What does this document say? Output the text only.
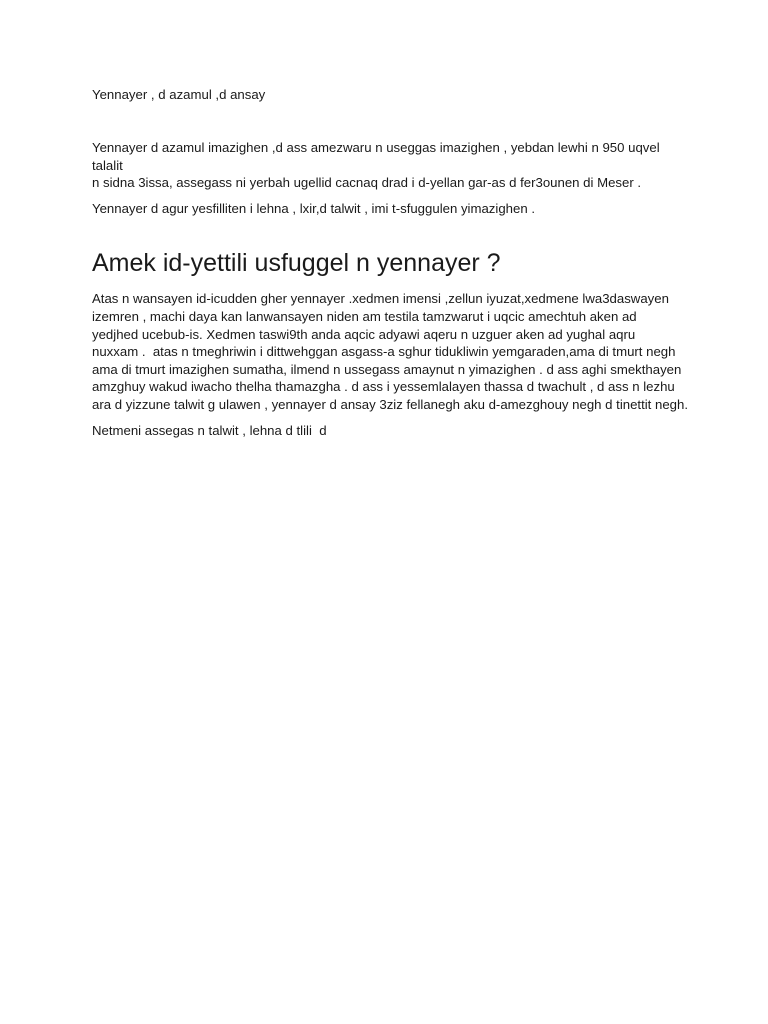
Yennayer , d azamul ,d ansay

Yennayer d azamul imazighen ,d ass amezwaru n useggas imazighen , yebdan lewhi n 950 uqvel talalit
n sidna 3issa, assegass ni yerbah ugellid cacnaq drad i d-yellan gar-as d fer3ounen di Meser .

Yennayer d agur yesfilliten i lehna , lxir,d talwit , imi t-sfuggulen yimazighen .

Amek id-yettili usfuggel n yennayer ?

Atas n wansayen id-icudden gher yennayer .xedmen imensi ,zellun iyuzat,xedmene lwa3daswayen
izemren , machi daya kan lanwansayen niden am testila tamzwarut i uqcic amechtuh aken ad
yedjhed ucebub-is. Xedmen taswi9th anda aqcic adyawi aqeru n uzguer aken ad yughal aqru
nuxxam .  atas n tmeghriwin i dittwehggan asgass-a sghur tidukliwin yemgaraden,ama di tmurt negh
ama di tmurt imazighen sumatha, ilmend n ussegass amaynut n yimazighen . d ass aghi smekthayen
amzghuy wakud iwacho thelha thamazgha . d ass i yessemlalayen thassa d twachult , d ass n lezhu
ara d yizzune talwit g ulawen , yennayer d ansay 3ziz fellanegh aku d-amezghouy negh d tinettit negh.

Netmeni assegas n talwit , lehna d tlili  d
